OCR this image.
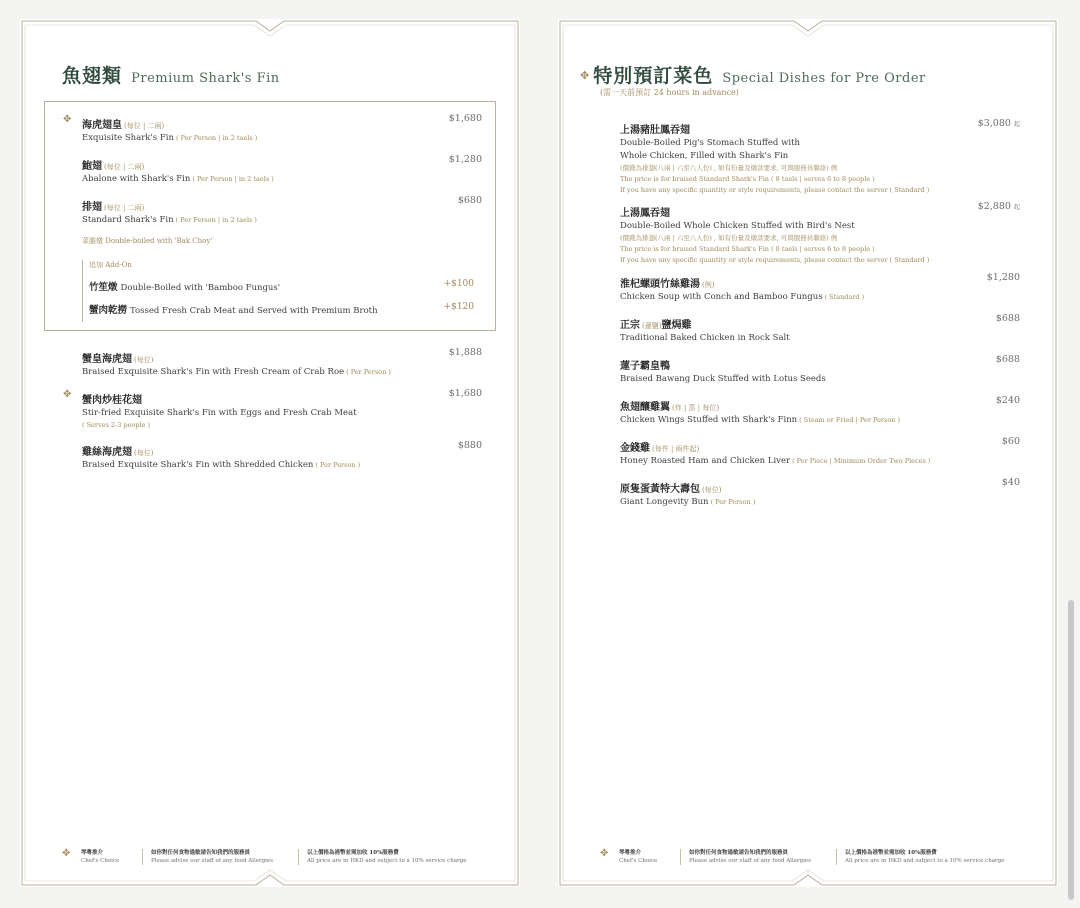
魚翅類 Premium Shark's Fin
✥
海虎翅皇 (每位 | 二兩)
Exquisite Shark's Fin ( Per Person | in 2 taels )
$1,680
鮑翅 (每位 | 二兩)
Abalone with Shark's Fin ( Per Person | in 2 taels )
$1,280
排翅 (每位 | 二兩)
Standard Shark's Fin ( Per Person | in 2 taels )
$680
菜膽燉 Double-boiled with 'Bak Choy'
追加 Add-On
竹笙燉 Double-Boiled with 'Bamboo Fungus'	+$100
蟹肉乾撈 Tossed Fresh Crab Meat and Served with Premium Broth	+$120
蟹皇海虎翅 (每位)
Braised Exquisite Shark's Fin with Fresh Cream of Crab Roe ( Per Person )
$1,888
✥
蟹肉炒桂花翅
Stir-fried Exquisite Shark's Fin with Eggs and Fresh Crab Meat
( Serves 2-3 people )
$1,680
雞絲海虎翅 (每位)
Braised Exquisite Shark's Fin with Shredded Chicken ( Per Person )
$880
✥ 琴粵推介
Chef's Choice
如你對任何食物過敏請告知我們的服務員
Please advise our staff of any food Allergies
以上價格為港幣並需加收 10%服務費
All price are in HKD and subject to a 10% service charge
✥ 特別預訂菜色 Special Dishes for Pre Order
(需一天前預訂 24 hours in advance)
上湯豬肚鳳吞翅
Double-Boiled Pig's Stomach Stuffed with
Whole Chicken, Filled with Shark's Fin
(價錢為排翅(八兩 | 六至八人份) , 如有份量及燉款要求, 可與服務員聯絡) 例
The price is for braised Standard Shark's Fin ( 8 taels | serves 6 to 8 people )
If you have any specific quantity or style requirements, please contact the server ( Standard )
$3,080 起
上湯鳳吞翅
Double-Boiled Whole Chicken Stuffed with Bird's Nest
(價錢為排翅(八兩 | 六至八人份) , 如有份量及燉款要求, 可與服務員聯絡) 例
The price is for braised Standard Shark's Fin ( 8 taels | serves 6 to 8 people )
If you have any specific quantity or style requirements, please contact the server ( Standard )
$2,880 起
淮杞螺頭竹絲雞湯 (例)
Chicken Soup with Conch and Bamboo Fungus ( Standard )
$1,280
正宗 (蓮鹽)鹽焗雞
Traditional Baked Chicken in Rock Salt
$688
蓮子霸皇鴨
Braised Bawang Duck Stuffed with Lotus Seeds
$688
魚翅釀雞翼 (炸 | 蒸 | 每位)
Chicken Wings Stuffed with Shark's Finn ( Steam or Fried | Per Person )
$240
金錢雞 (每件 | 兩件起)
Honey Roasted Ham and Chicken Liver ( Per Piece | Minimum Order Two Pieces )
$60
原隻蛋黃特大壽包 (每位)
Giant Longevity Bun ( Per Person )
$40
✥ 琴粵推介
Chef's Choice
如你對任何食物過敏請告知我們的服務員
Please advise our staff of any food Allergies
以上價格為港幣並需加收 10%服務費
All price are in HKD and subject to a 10% service charge
